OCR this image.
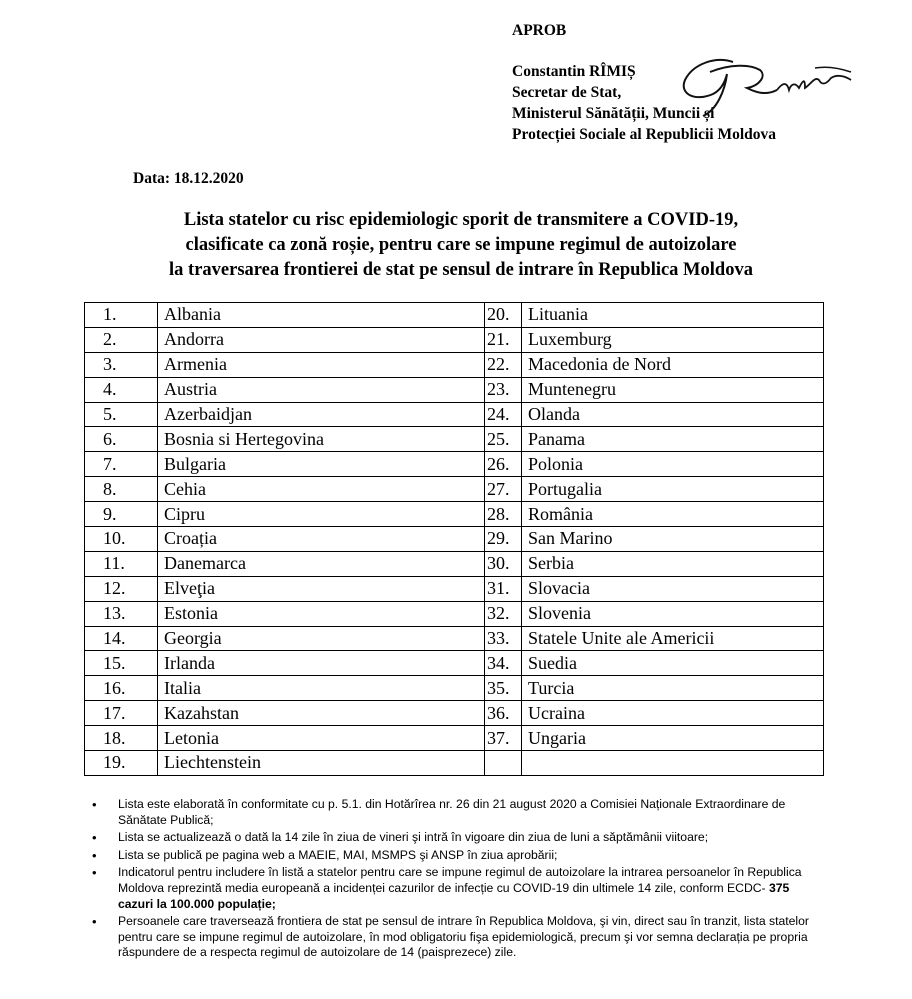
APROB
Constantin RÎMIȘ
Secretar de Stat,
Ministerul Sănătății, Muncii și
Protecției Sociale al Republicii Moldova
Data: 18.12.2020
Lista statelor cu risc epidemiologic sporit de transmitere a COVID-19,
clasificate ca zonă roșie, pentru care se impune regimul de autoizolare
la traversarea frontierei de stat pe sensul de intrare în Republica Moldova
1.	Albania	20.	Lituania
2.	Andorra	21.	Luxemburg
3.	Armenia	22.	Macedonia de Nord
4.	Austria	23.	Muntenegru
5.	Azerbaidjan	24.	Olanda
6.	Bosnia si Hertegovina	25.	Panama
7.	Bulgaria	26.	Polonia
8.	Cehia	27.	Portugalia
9.	Cipru	28.	România
10.	Croația	29.	San Marino
11.	Danemarca	30.	Serbia
12.	Elveţia	31.	Slovacia
13.	Estonia	32.	Slovenia
14.	Georgia	33.	Statele Unite ale Americii
15.	Irlanda	34.	Suedia
16.	Italia	35.	Turcia
17.	Kazahstan	36.	Ucraina
18.	Letonia	37.	Ungaria
19.	Liechtenstein		
• Lista este elaborată în conformitate cu p. 5.1. din Hotărîrea nr. 26 din 21 august 2020 a Comisiei Naționale Extraordinare de Sănătate Publică;
• Lista se actualizează o dată la 14 zile în ziua de vineri şi intră în vigoare din ziua de luni a săptămânii viitoare;
• Lista se publică pe pagina web a MAEIE, MAI, MSMPS şi ANSP în ziua aprobării;
• Indicatorul pentru includere în listă a statelor pentru care se impune regimul de autoizolare la intrarea persoanelor în Republica Moldova reprezintă media europeană a incidenței cazurilor de infecție cu COVID-19 din ultimele 14 zile, conform ECDC- 375 cazuri la 100.000 populație;
• Persoanele care traversează frontiera de stat pe sensul de intrare în Republica Moldova, şi vin, direct sau în tranzit, lista statelor pentru care se impune regimul de autoizolare, în mod obligatoriu fişa epidemiologică, precum şi vor semna declarația pe propria răspundere de a respecta regimul de autoizolare de 14 (paisprezece) zile.
